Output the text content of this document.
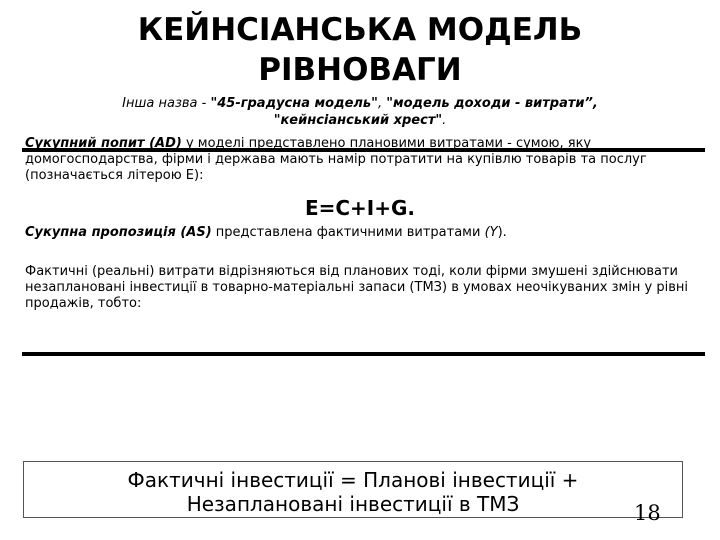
КЕЙНСІАНСЬКА МОДЕЛЬ
РІВНОВАГИ
Інша назва - "45-градусна модель", "модель доходи - витрати”,
"кейнсіанський хрест".
Сукупний попит (AD) у моделі представлено плановими витратами - сумою, яку домогосподарства, фірми і держава мають намір потратити на купівлю товарів та послуг (позначається літерою Е):
E=C+I+G.
Сукупна пропозиція (AS) представлена фактичними витратами (Y).
Фактичні (реальні) витрати відрізняються від планових тоді, коли фірми змушені здійснювати незаплановані інвестиції в товарно-матеріальні запаси (ТМЗ) в умовах неочікуваних змін у рівні продажів, тобто:
Фактичні інвестиції = Планові інвестиції +
Незаплановані інвестиції в ТМЗ	18
